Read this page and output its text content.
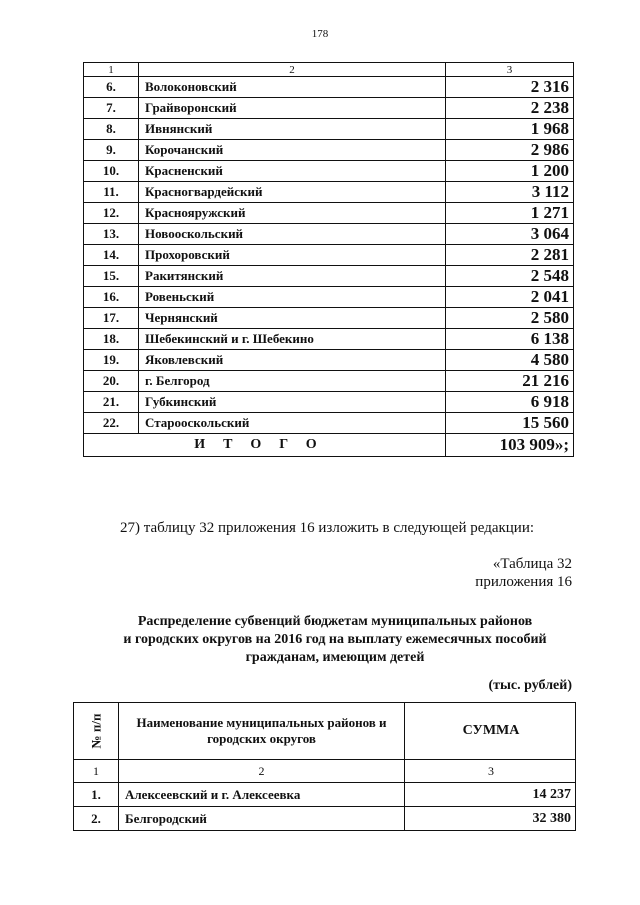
178
1	2	3
6.	Волоконовский	2 316
7.	Грайворонский	2 238
8.	Ивнянский	1 968
9.	Корочанский	2 986
10.	Красненский	1 200
11.	Красногвардейский	3 112
12.	Краснояружский	1 271
13.	Новооскольский	3 064
14.	Прохоровский	2 281
15.	Ракитянский	2 548
16.	Ровеньский	2 041
17.	Чернянский	2 580
18.	Шебекинский и г. Шебекино	6 138
19.	Яковлевский	4 580
20.	г. Белгород	21 216
21.	Губкинский	6 918
22.	Старооскольский	15 560
ИТОГО		103 909»;
27) таблицу 32 приложения 16 изложить в следующей редакции:
«Таблица 32
приложения 16
Распределение субвенций бюджетам муниципальных районов
и городских округов на 2016 год на выплату ежемесячных пособий
гражданам, имеющим детей
(тыс. рублей)
№ п/п	Наименование муниципальных районов и городских округов	СУММА
1	2	3
1.	Алексеевский и г. Алексеевка	14 237
2.	Белгородский	32 380
